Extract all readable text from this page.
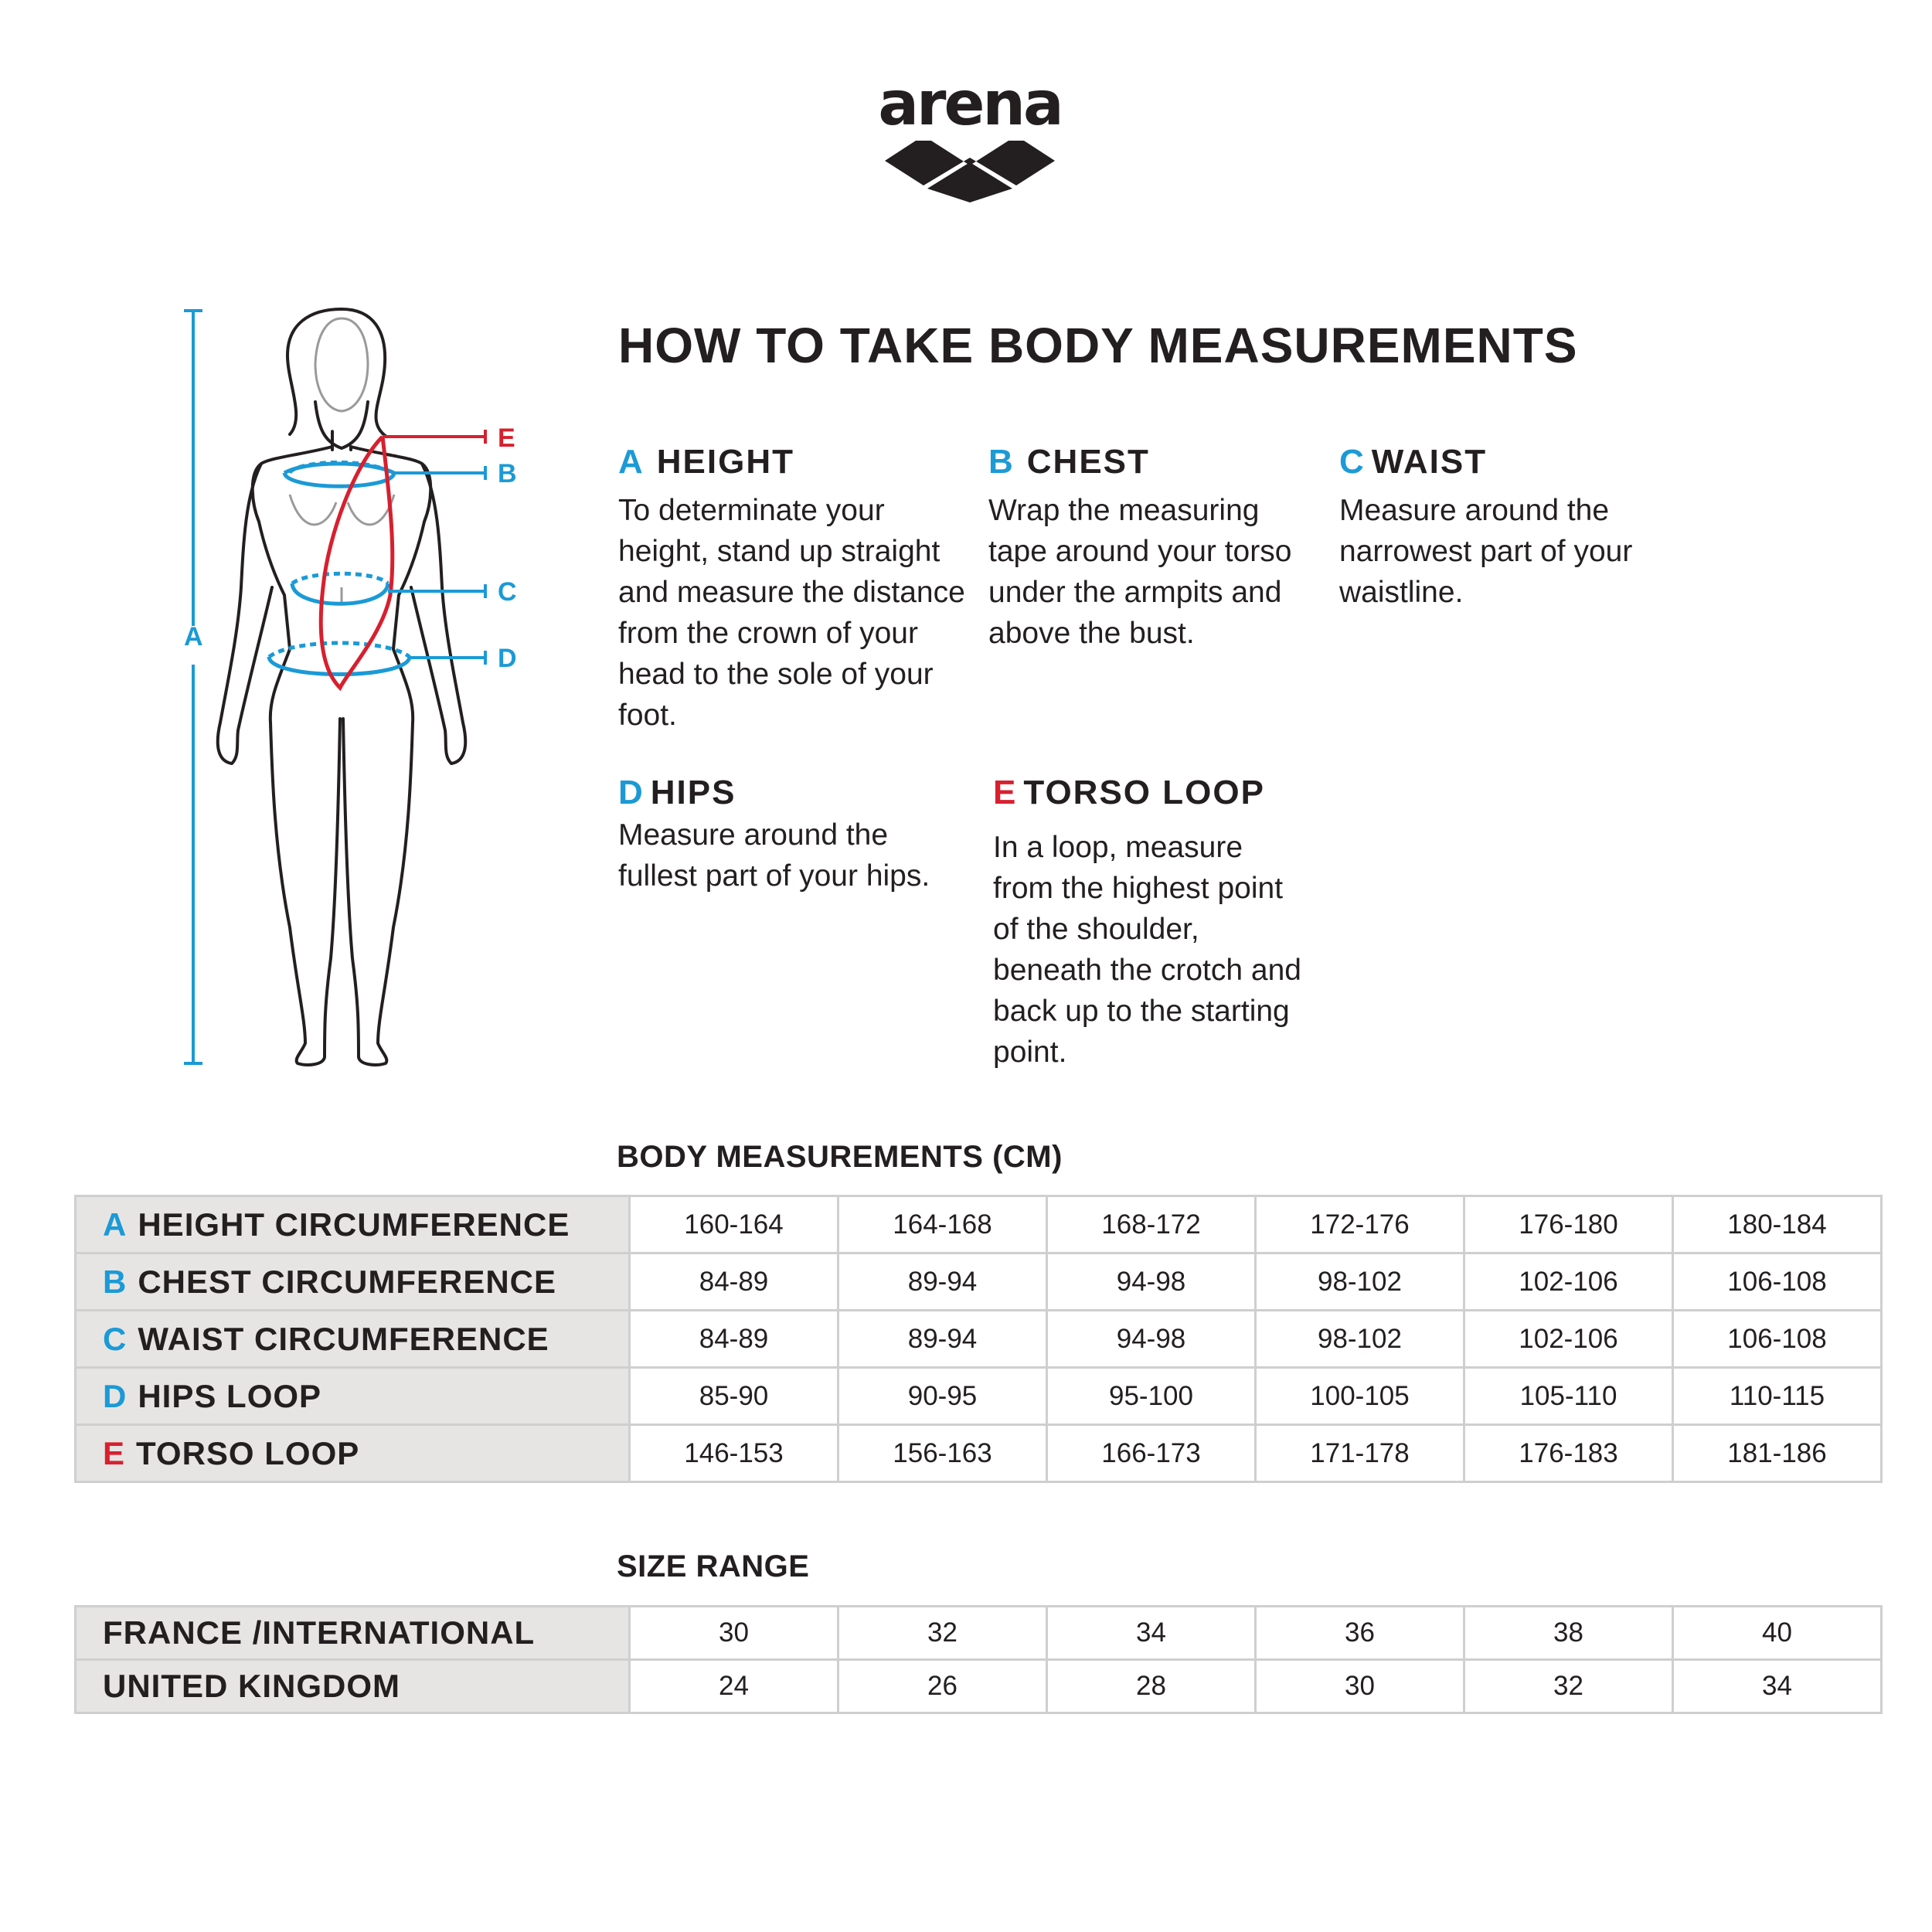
arena
A
E
B
C
D
HOW TO TAKE BODY MEASUREMENTS
A HEIGHT
To determinate your height, stand up straight and measure the distance from the crown of your head to the sole of your foot.
B CHEST
Wrap the measuring tape around your torso under the armpits and above the bust.
C WAIST
Measure around the narrowest part of your waistline.
D HIPS
Measure around the fullest part of your hips.
E TORSO LOOP
In a loop, measure from the highest point of the shoulder, beneath the crotch and back up to the starting point.
BODY MEASUREMENTS (CM)
A HEIGHT CIRCUMFERENCE	160-164	164-168	168-172	172-176	176-180	180-184
B CHEST CIRCUMFERENCE	84-89	89-94	94-98	98-102	102-106	106-108
C WAIST CIRCUMFERENCE	84-89	89-94	94-98	98-102	102-106	106-108
D HIPS LOOP	85-90	90-95	95-100	100-105	105-110	110-115
E TORSO LOOP	146-153	156-163	166-173	171-178	176-183	181-186
SIZE RANGE
FRANCE /INTERNATIONAL	30	32	34	36	38	40
UNITED KINGDOM	24	26	28	30	32	34
